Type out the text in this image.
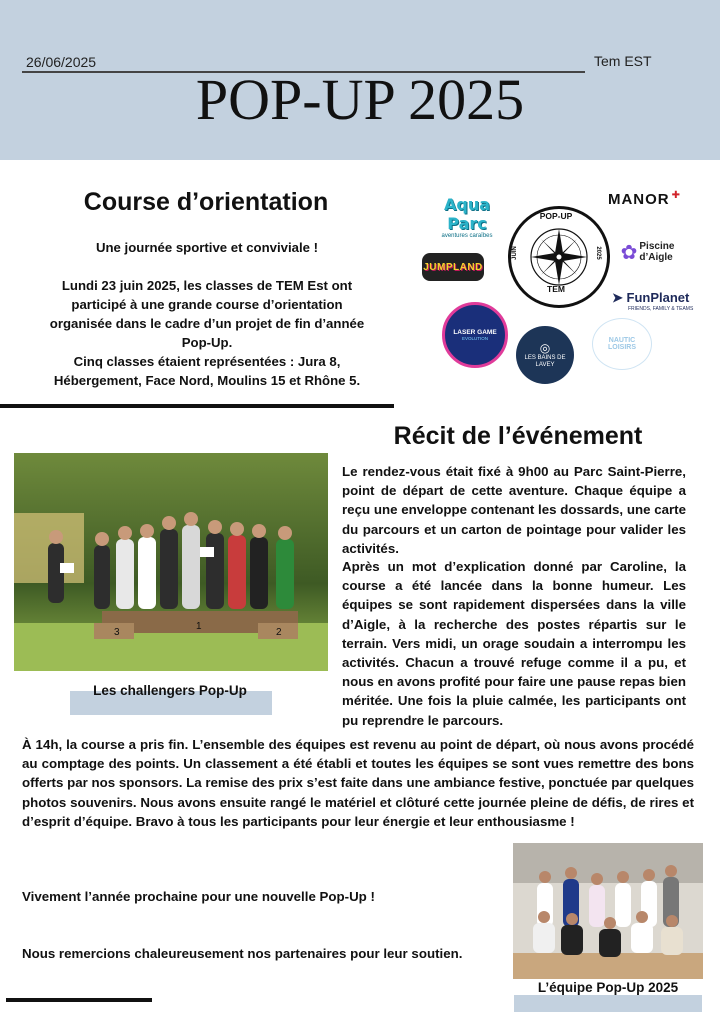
26/06/2025	Tem EST
POP-UP 2025
Course d’orientation
Une journée sportive et conviviale !
Lundi 23 juin 2025, les classes de TEM Est ont participé à une grande course d’orientation organisée dans le cadre d’un projet de fin d’année Pop-Up.
Cinq classes étaient représentées : Jura 8, Hébergement, Face Nord, Moulins 15 et Rhône 5.
Aqua Parc
aventures caraïbes
MANOR ✚
JUMPLAND
POP-UP
TEM
JUIN	2025 ✿ Piscine d’Aigle
➤ FunPlanet
FRIENDS, FAMILY & TEAMS
LASER GAME
EVOLUTION
◎
LES BAINS DE LAVEY
NAUTIC LOISIRS
Récit de l’événement
3
1
2
Les challengers Pop-Up
Le rendez-vous était fixé à 9h00 au Parc Saint-Pierre, point de départ de cette aventure. Chaque équipe a reçu une enveloppe contenant les dossards, une carte du parcours et un carton de pointage pour valider les activités.
Après un mot d’explication donné par Caroline, la course a été lancée dans la bonne humeur. Les équipes se sont rapidement dispersées dans la ville d’Aigle, à la recherche des postes répartis sur le terrain. Vers midi, un orage soudain a interrompu les activités. Chacun a trouvé refuge comme il a pu, et nous en avons profité pour faire une pause repas bien méritée. Une fois la pluie calmée, les participants ont pu reprendre le parcours.
À 14h, la course a pris fin. L’ensemble des équipes est revenu au point de départ, où nous avons procédé au comptage des points. Un classement a été établi et toutes les équipes se sont vues remettre des bons offerts par nos sponsors. La remise des prix s’est faite dans une ambiance festive, ponctuée par quelques photos souvenirs. Nous avons ensuite rangé le matériel et clôturé cette journée pleine de défis, de rires et d’esprit d’équipe. Bravo à tous les participants pour leur énergie et leur enthousiasme !
Vivement l’année prochaine pour une nouvelle Pop-Up !
Nous remercions chaleureusement nos partenaires pour leur soutien.
L’équipe Pop-Up 2025
